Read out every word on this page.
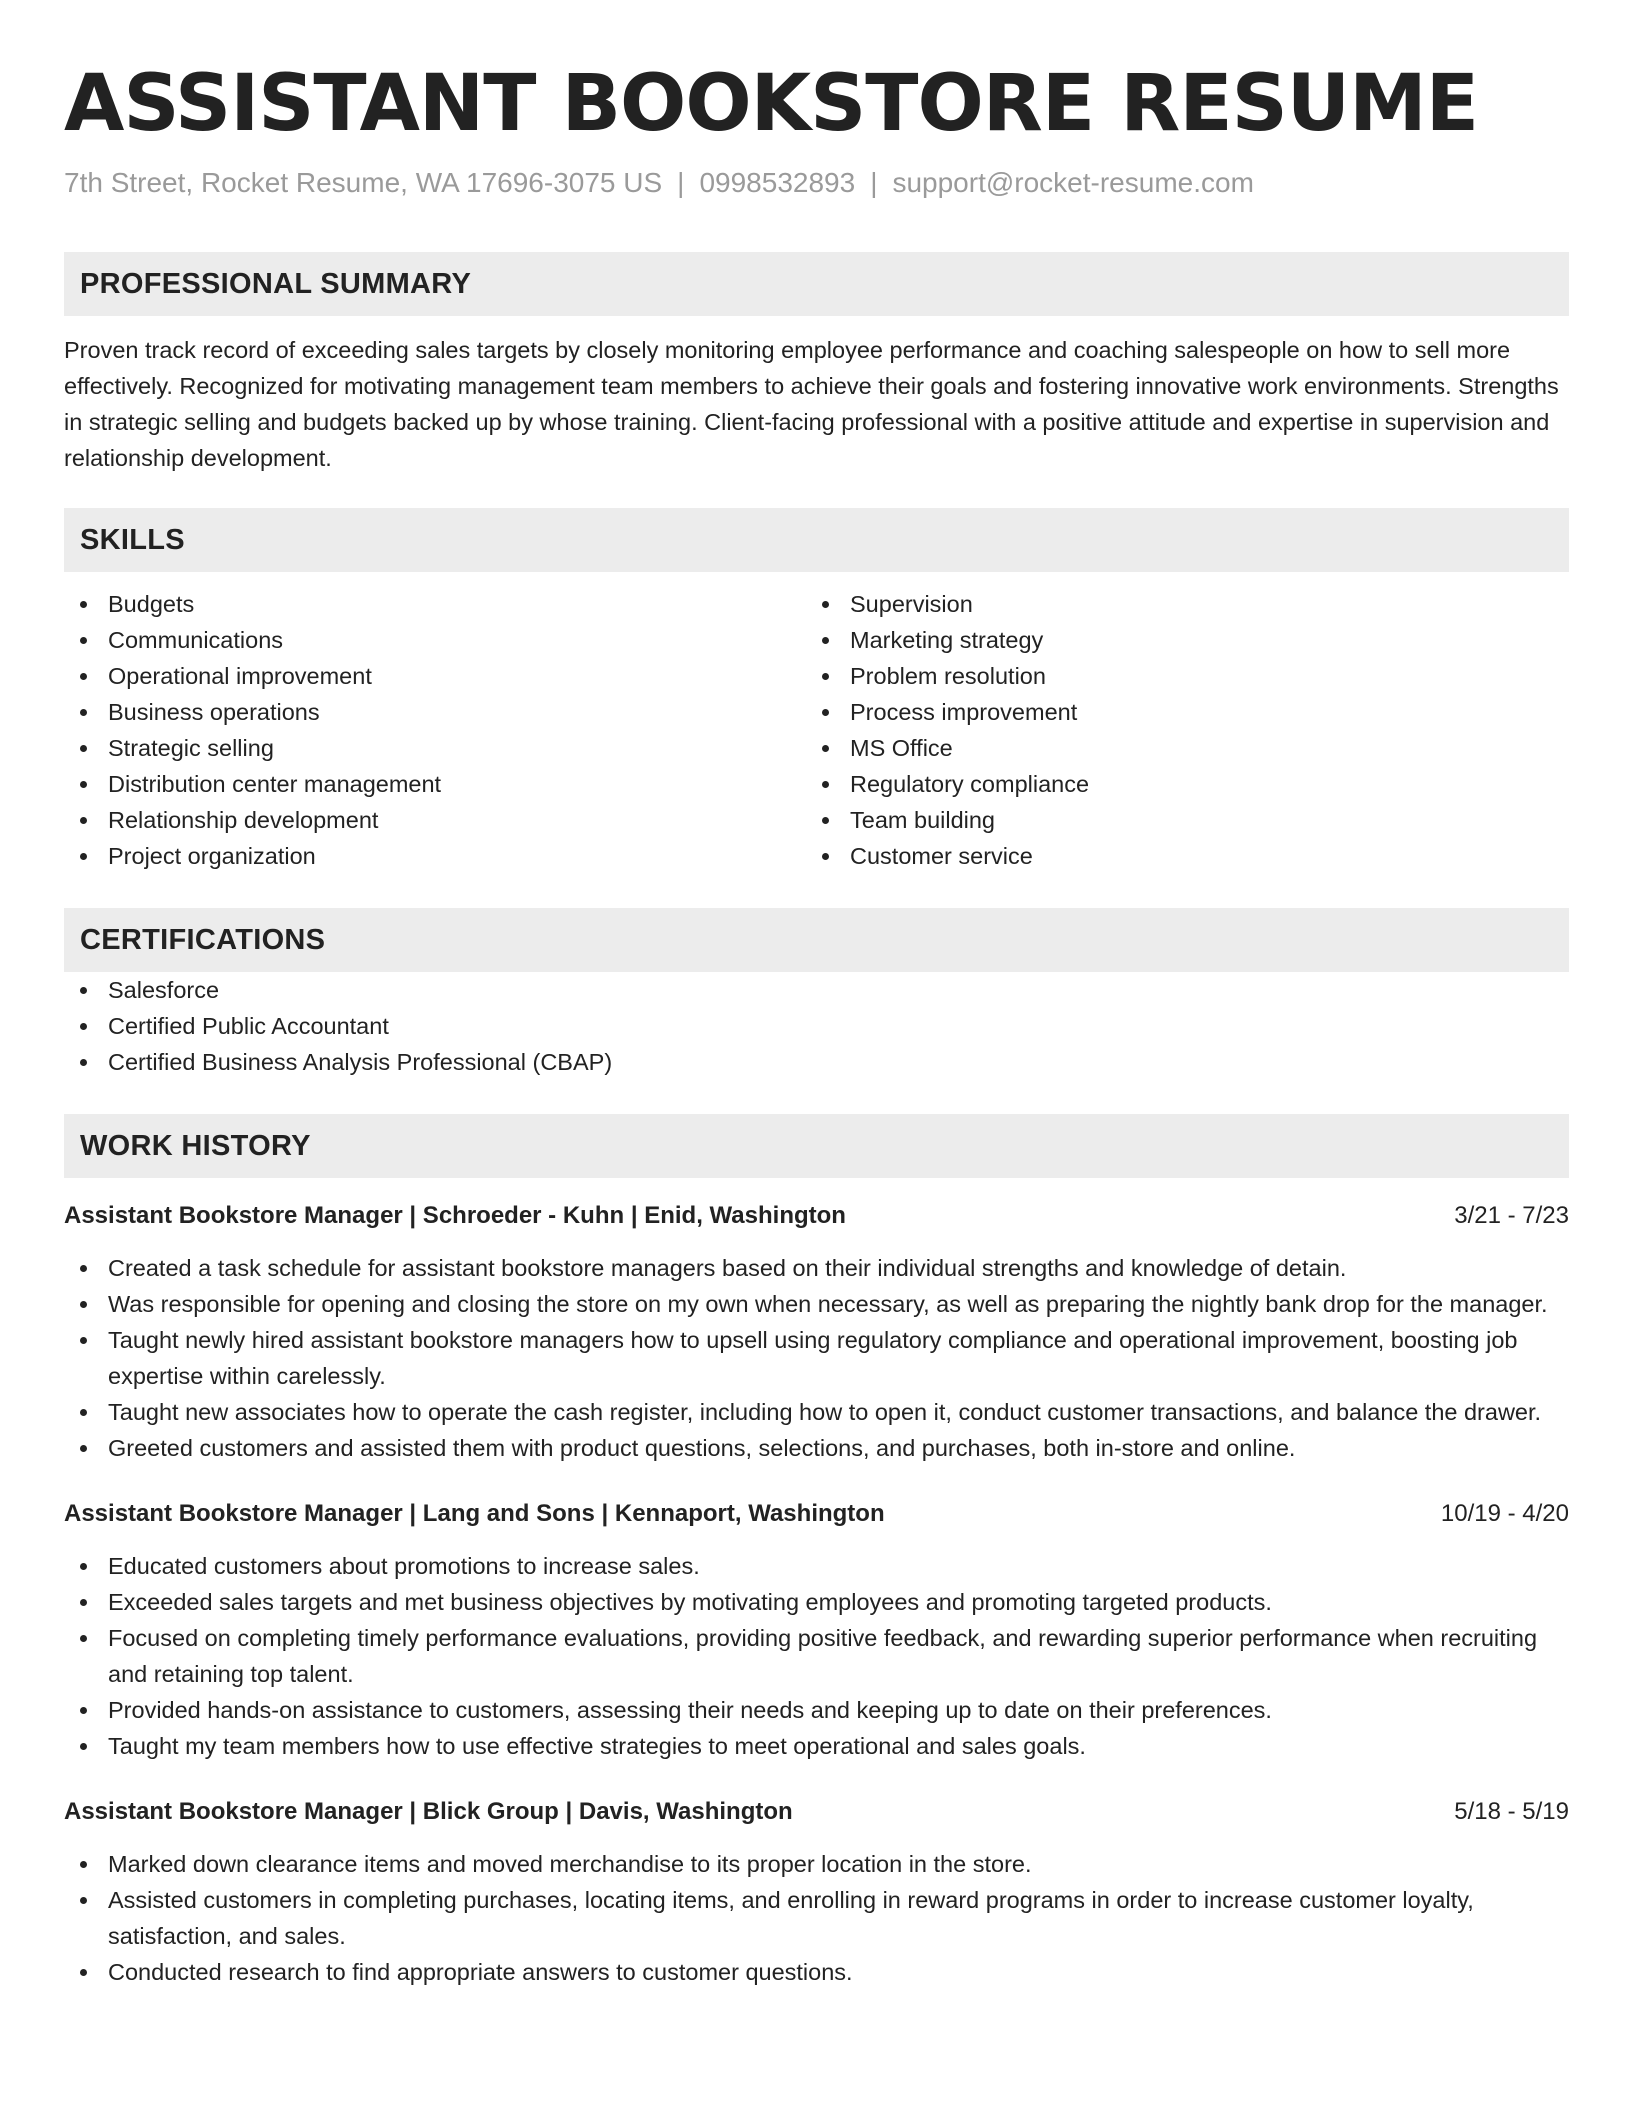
ASSISTANT BOOKSTORE RESUME
7th Street, Rocket Resume, WA 17696-3075 US | 0998532893 | support@rocket-resume.com
PROFESSIONAL SUMMARY

Proven track record of exceeding sales targets by closely monitoring employee performance and coaching salespeople on how to sell more effectively. Recognized for motivating management team members to achieve their goals and fostering innovative work environments. Strengths in strategic selling and budgets backed up by whose training. Client-facing professional with a positive attitude and expertise in supervision and relationship development.

SKILLS
Budgets
Communications
Operational improvement
Business operations
Strategic selling
Distribution center management
Relationship development
Project organization
Supervision
Marketing strategy
Problem resolution
Process improvement
MS Office
Regulatory compliance
Team building
Customer service
CERTIFICATIONS
Salesforce
Certified Public Accountant
Certified Business Analysis Professional (CBAP)
WORK HISTORY
Assistant Bookstore Manager | Schroeder - Kuhn | Enid, Washington	3/21 - 7/23
Created a task schedule for assistant bookstore managers based on their individual strengths and knowledge of detain.
Was responsible for opening and closing the store on my own when necessary, as well as preparing the nightly bank drop for the manager.
Taught newly hired assistant bookstore managers how to upsell using regulatory compliance and operational improvement, boosting job expertise within carelessly.
Taught new associates how to operate the cash register, including how to open it, conduct customer transactions, and balance the drawer.
Greeted customers and assisted them with product questions, selections, and purchases, both in-store and online.
Assistant Bookstore Manager | Lang and Sons | Kennaport, Washington	10/19 - 4/20
Educated customers about promotions to increase sales.
Exceeded sales targets and met business objectives by motivating employees and promoting targeted products.
Focused on completing timely performance evaluations, providing positive feedback, and rewarding superior performance when recruiting and retaining top talent.
Provided hands-on assistance to customers, assessing their needs and keeping up to date on their preferences.
Taught my team members how to use effective strategies to meet operational and sales goals.
Assistant Bookstore Manager | Blick Group | Davis, Washington	5/18 - 5/19
Marked down clearance items and moved merchandise to its proper location in the store.
Assisted customers in completing purchases, locating items, and enrolling in reward programs in order to increase customer loyalty, satisfaction, and sales.
Conducted research to find appropriate answers to customer questions.
